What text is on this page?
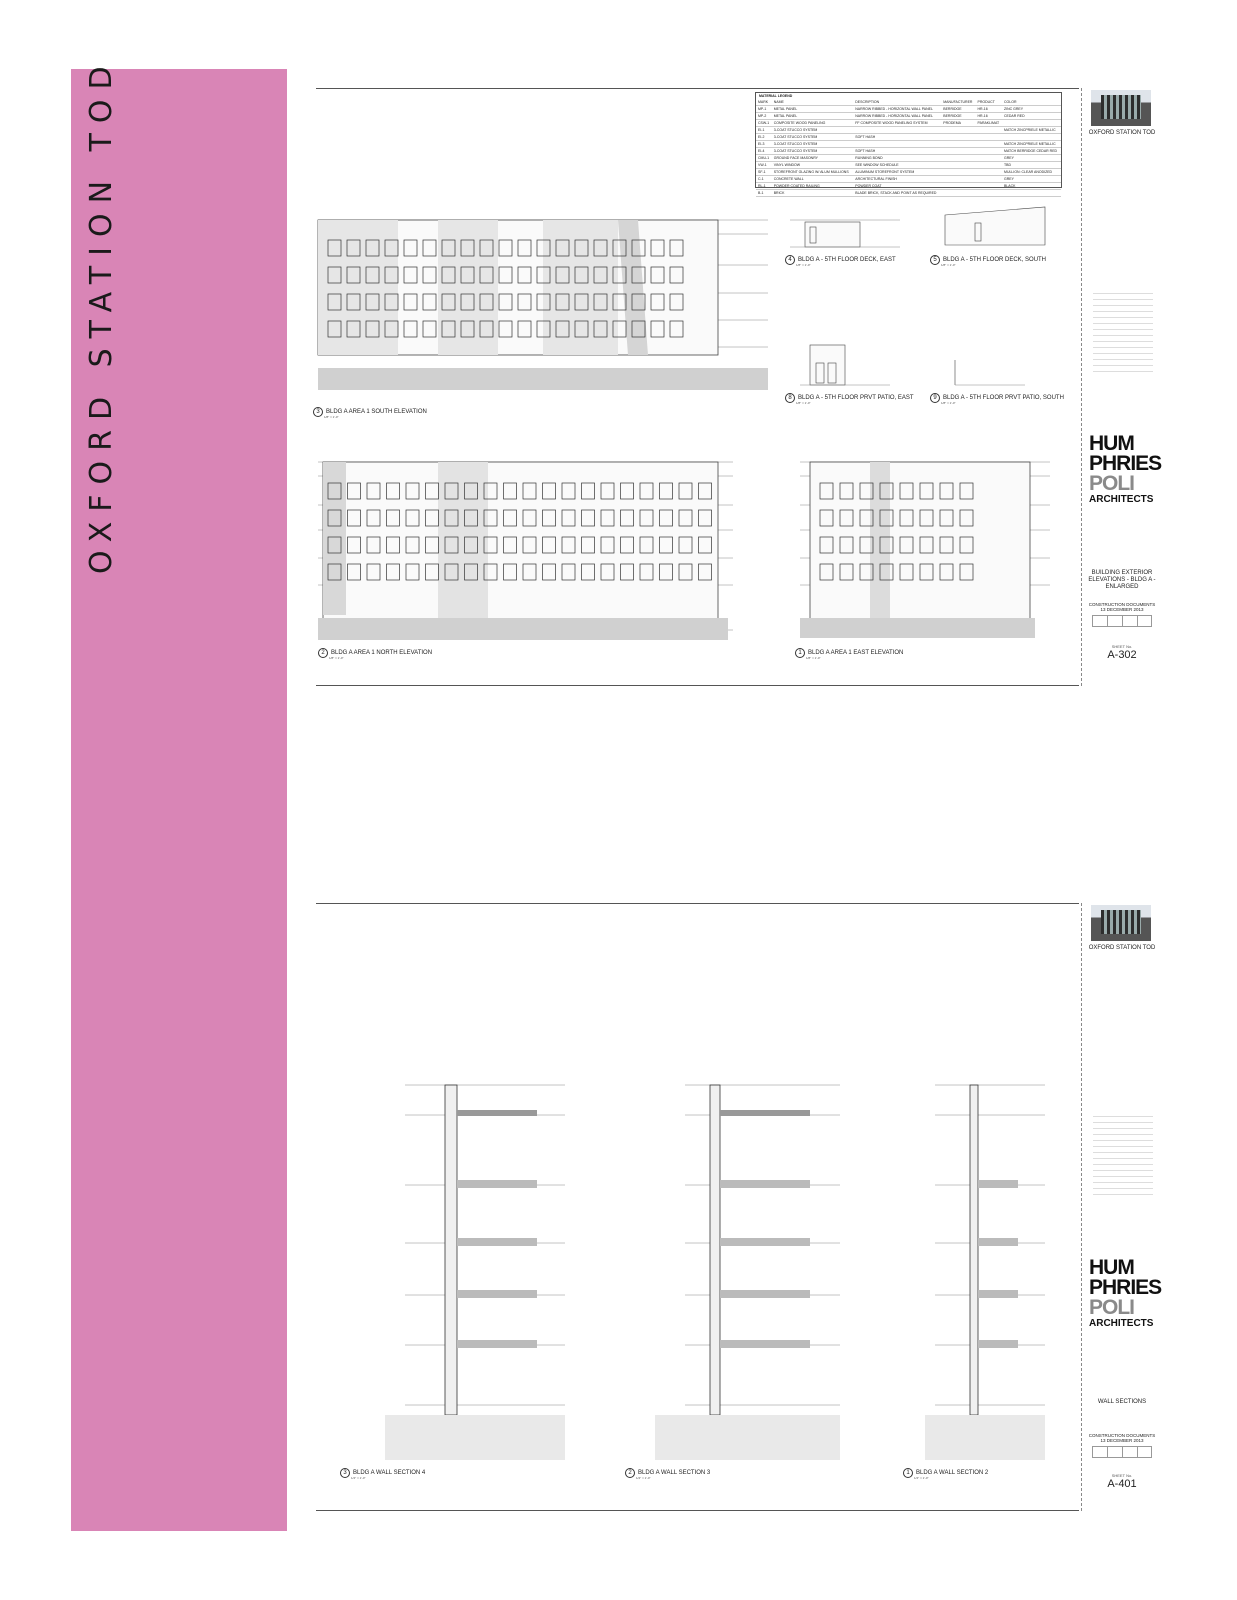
OXFORD STATION TOD	MATERIAL LEGEND
MARK	NAME	DESCRIPTION	MANUFACTURER	PRODUCT	COLOR
MP-1	METAL PANEL	NARROW RIBBED - HORIZONTAL WALL PANEL	BERRIDGE	HR-16	ZINC GREY
MP-2	METAL PANEL	NARROW RIBBED - HORIZONTAL WALL PANEL	BERRIDGE	HR-16	CEDAR RED
CSW-1	COMPOSITE WOOD PANELING	FF COMPOSITE WOOD PANELING SYSTEM	PRODEMA	PARAKLIMAT	
EI-1	3-COAT STUCCO SYSTEM				MATCH ZINCPRIELE METALLIC
EI-2	3-COAT STUCCO SYSTEM	SOFT HASH			
EI-3	3-COAT STUCCO SYSTEM				MATCH ZINCPRIELE METALLIC
EI-4	3-COAT STUCCO SYSTEM	SOFT HASH			MATCH BERRIDGE CEDAR RED
CMU-1	GROUND FACE MASONRY	RUNNING BOND			GREY
VW-1	VINYL WINDOW	SEE WINDOW SCHEDULE			TBD
SF-1	STOREFRONT GLAZING W/ ALUM MULLIONS	ALUMINUM STOREFRONT SYSTEM			MULLION: CLEAR ANODIZED
C-1	CONCRETE WALL	ARCHITECTURAL FINISH			GREY
RL-1	POWDER COATED RAILING	POWDER COAT			BLACK
B-1	BRICK	BLADE BRICK, STACK AND POINT AS REQUIRED			
3	BLDG A AREA 1 SOUTH ELEVATION
1/8" = 1'-0"
4	BLDG A - 5TH FLOOR DECK, EAST
1/8" = 1'-0"
5	BLDG A - 5TH FLOOR DECK, SOUTH
1/8" = 1'-0"
8	BLDG A - 5TH FLOOR PRVT PATIO, EAST
1/8" = 1'-0"
9	BLDG A - 5TH FLOOR PRVT PATIO, SOUTH
1/8" = 1'-0"
2	BLDG A AREA 1 NORTH ELEVATION
1/8" = 1'-0"
1	BLDG A AREA 1 EAST ELEVATION
1/8" = 1'-0"
OXFORD STATION TOD
HUM
PHRIES
POLI
ARCHITECTS
BUILDING EXTERIOR ELEVATIONS - BLDG A - ENLARGED
CONSTRUCTION DOCUMENTS
13 DECEMBER 2013
SHEET No.
A-302
3	BLDG A WALL SECTION 4
1/4" = 1'-0"
2	BLDG A WALL SECTION 3
1/4" = 1'-0"
1	BLDG A WALL SECTION 2
1/4" = 1'-0"
OXFORD STATION TOD
HUM
PHRIES
POLI
ARCHITECTS
WALL SECTIONS
CONSTRUCTION DOCUMENTS
13 DECEMBER 2013
SHEET No.
A-401
